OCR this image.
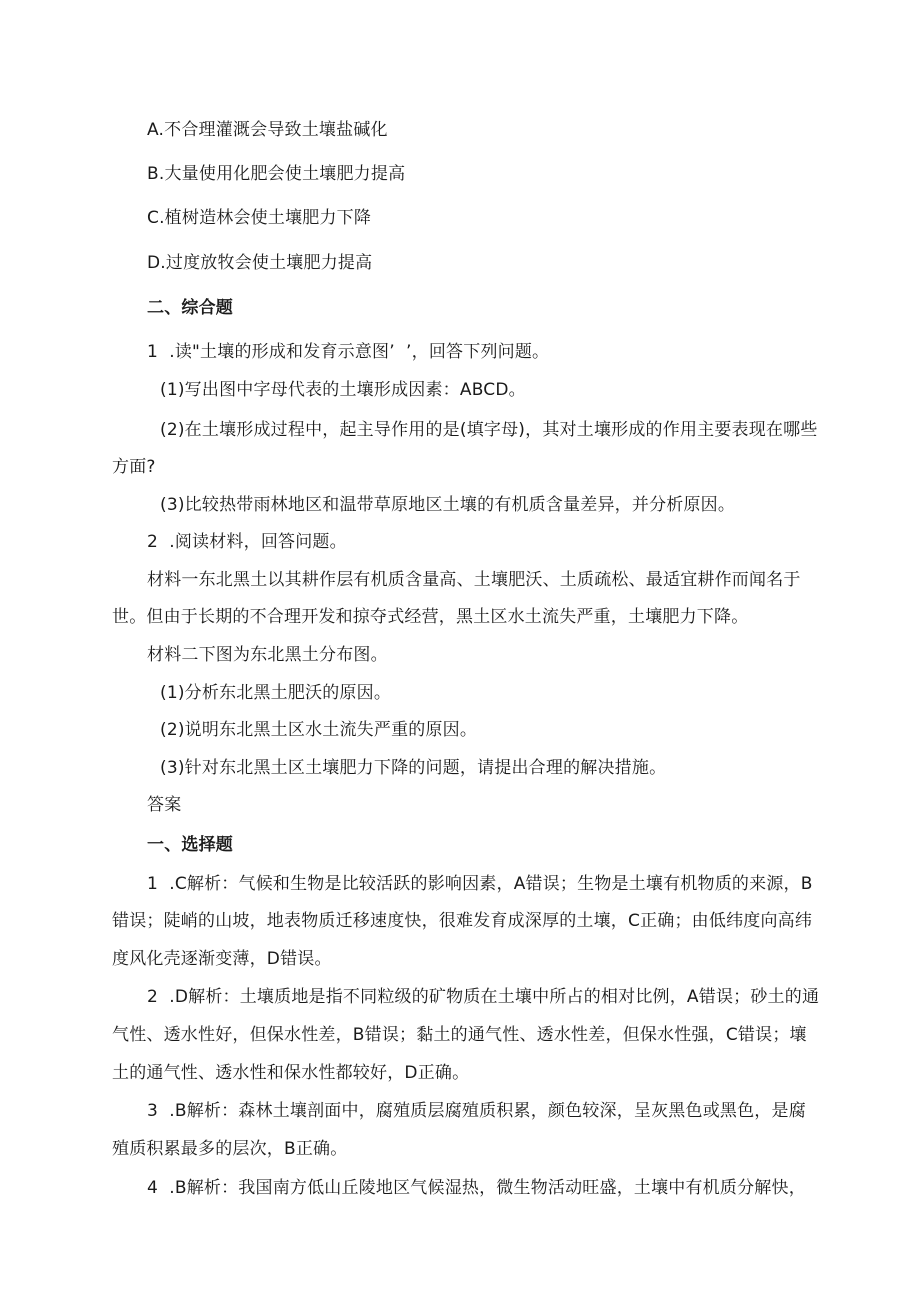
A.不合理灌溉会导致土壤盐碱化
B.大量使用化肥会使土壤肥力提高
C.植树造林会使土壤肥力下降
D.过度放牧会使土壤肥力提高
二、综合题
1  .读"土壤的形成和发育示意图’  ’，回答下列问题。
(1)写出图中字母代表的土壤形成因素：ABCD。
(2)在土壤形成过程中，起主导作用的是(填字母)，其对土壤形成的作用主要表现在哪些
方面?
(3)比较热带雨林地区和温带草原地区土壤的有机质含量差异，并分析原因。
2  .阅读材料，回答问题。
材料一东北黑土以其耕作层有机质含量高、土壤肥沃、土质疏松、最适宜耕作而闻名于
世。但由于长期的不合理开发和掠夺式经营，黑土区水土流失严重，土壤肥力下降。
材料二下图为东北黑土分布图。
(1)分析东北黑土肥沃的原因。
(2)说明东北黑土区水土流失严重的原因。
(3)针对东北黑土区土壤肥力下降的问题，请提出合理的解决措施。
答案
一、选择题
1  .C解析：气候和生物是比较活跃的影响因素，A错误；生物是土壤有机物质的来源，B
错误；陡峭的山坡，地表物质迁移速度快，很难发育成深厚的土壤，C正确；由低纬度向高纬
度风化壳逐渐变薄，D错误。
2  .D解析：土壤质地是指不同粒级的矿物质在土壤中所占的相对比例，A错误；砂土的通
气性、透水性好，但保水性差，B错误；黏土的通气性、透水性差，但保水性强，C错误；壤
土的通气性、透水性和保水性都较好，D正确。
3  .B解析：森林土壤剖面中，腐殖质层腐殖质积累，颜色较深，呈灰黑色或黑色，是腐
殖质积累最多的层次，B正确。
4  .B解析：我国南方低山丘陵地区气候湿热，微生物活动旺盛，土壤中有机质分解快，
